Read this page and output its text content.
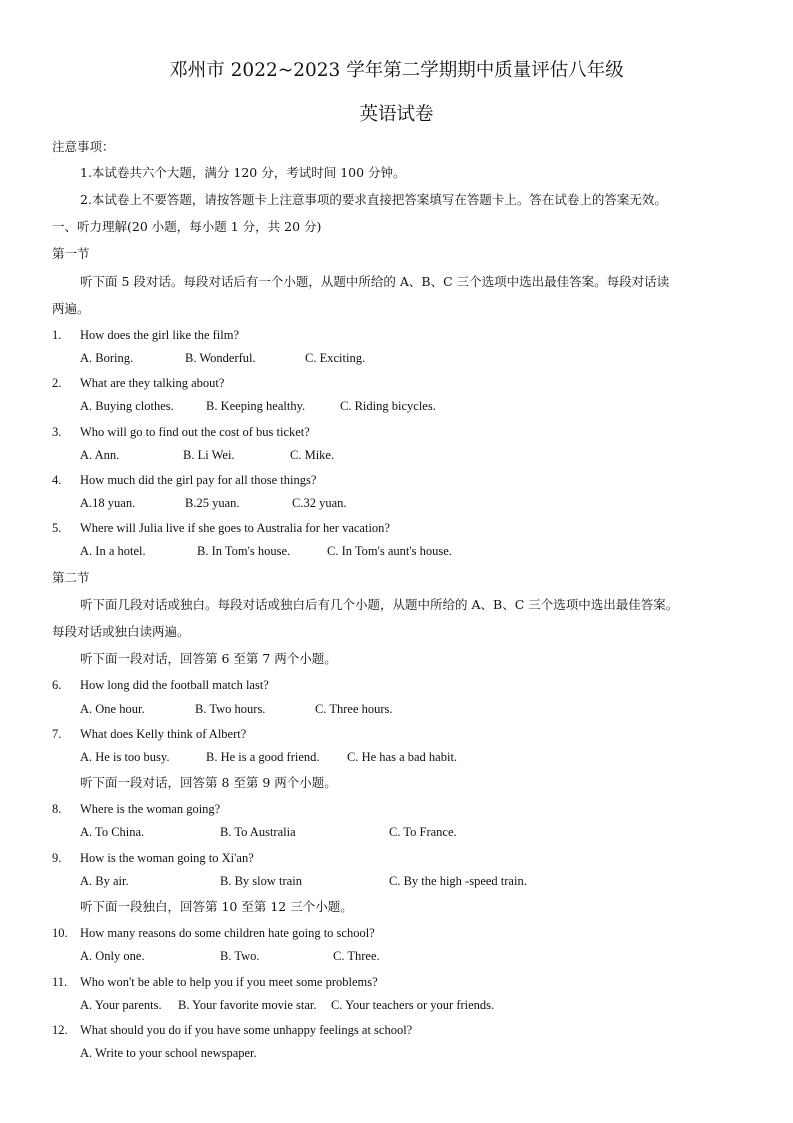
邓州市 2022~2023 学年第二学期期中质量评估八年级
英语试卷
注意事项：
1.本试卷共六个大题，满分 120 分，考试时间 100 分钟。
2.本试卷上不要答题，请按答题卡上注意事项的要求直接把答案填写在答题卡上。答在试卷上的答案无效。
一、听力理解(20 小题，每小题 1 分，共 20 分)
第一节
听下面 5 段对话。每段对话后有一个小题，从题中所给的 A、B、C 三个选项中选出最佳答案。每段对话读
两遍。
1. How does the girl like the film?
A. Boring.	B. Wonderful.	C. Exciting.
2. What are they talking about?
A. Buying clothes.	B. Keeping healthy.	C. Riding bicycles.
3. Who will go to find out the cost of bus ticket?
A. Ann.	B. Li Wei.	C. Mike.
4. How much did the girl pay for all those things?
A.18 yuan.	B.25 yuan.	C.32 yuan.
5. Where will Julia live if she goes to Australia for her vacation?
A. In a hotel.	B. In Tom's house.	C. In Tom's aunt's house.
第二节
听下面几段对话或独白。每段对话或独白后有几个小题，从题中所给的 A、B、C 三个选项中选出最佳答案。
每段对话或独白读两遍。
听下面一段对话，回答第 6 至第 7 两个小题。
6. How long did the football match last?
A. One hour.	B. Two hours.	C. Three hours.
7. What does Kelly think of Albert?
A. He is too busy.	B. He is a good friend. C. He has a bad habit.
听下面一段对话，回答第 8 至第 9 两个小题。
8. Where is the woman going?
A. To China.	B. To Australia	C. To France.
9. How is the woman going to Xi'an?
A. By air.	B. By slow train	C. By the high -speed train.
听下面一段独白，回答第 10 至第 12 三个小题。
10. How many reasons do some children hate going to school?
A. Only one.	B. Two.	C. Three.
11. Who won't be able to help you if you meet some problems?
A. Your parents. B. Your favorite movie star. C. Your teachers or your friends.
12. What should you do if you have some unhappy feelings at school?
A. Write to your school newspaper.
